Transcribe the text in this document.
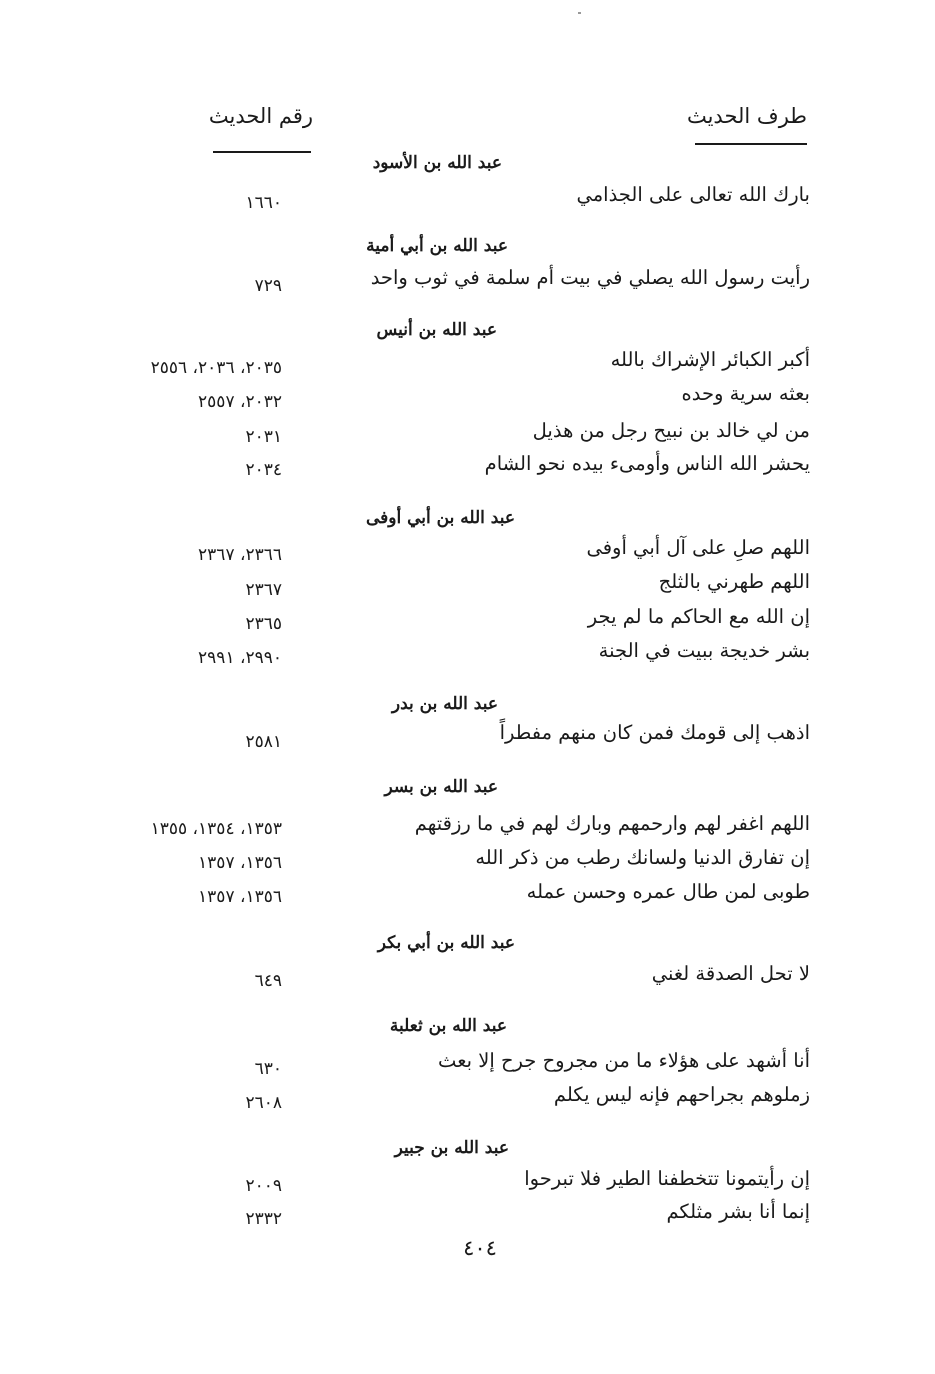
رقم الحديث	طرف الحديث
عبد الله بن الأسود
بارك الله تعالى على الجذامي
١٦٦٠
عبد الله بن أبي أمية
رأيت رسول الله يصلي في بيت أم سلمة في ثوب واحد
٧٢٩
عبد الله بن أنيس
أكبر الكبائر الإشراك بالله
٢٠٣٥، ٢٠٣٦، ٢٥٥٦
بعثه سرية وحده
٢٠٣٢، ٢٥٥٧
من لي خالد بن نبيح رجل من هذيل
٢٠٣١
يحشر الله الناس وأومىء بيده نحو الشام
٢٠٣٤
عبد الله بن أبي أوفى
اللهم صلِ على آل أبي أوفى
٢٣٦٦، ٢٣٦٧
اللهم طهرني بالثلج
٢٣٦٧
إن الله مع الحاكم ما لم يجر
٢٣٦٥
بشر خديجة ببيت في الجنة
٢٩٩٠، ٢٩٩١
عبد الله بن بدر
اذهب إلى قومك فمن كان منهم مفطراً
٢٥٨١
عبد الله بن بسر
اللهم اغفر لهم وارحمهم وبارك لهم في ما رزقتهم
١٣٥٣، ١٣٥٤، ١٣٥٥
إن تفارق الدنيا ولسانك رطب من ذكر الله
١٣٥٦، ١٣٥٧
طوبى لمن طال عمره وحسن عمله
١٣٥٦، ١٣٥٧
عبد الله بن أبي بكر
لا تحل الصدقة لغني
٦٤٩
عبد الله بن ثعلبة
أنا أشهد على هؤلاء ما من مجروح جرح إلا بعث
٦٣٠
زملوهم بجراحهم فإنه ليس يكلم
٢٦٠٨
عبد الله بن جبير
إن رأيتمونا تتخطفنا الطير فلا تبرحوا
٢٠٠٩
إنما أنا بشر مثلكم
٢٣٣٢
٤٠٤
